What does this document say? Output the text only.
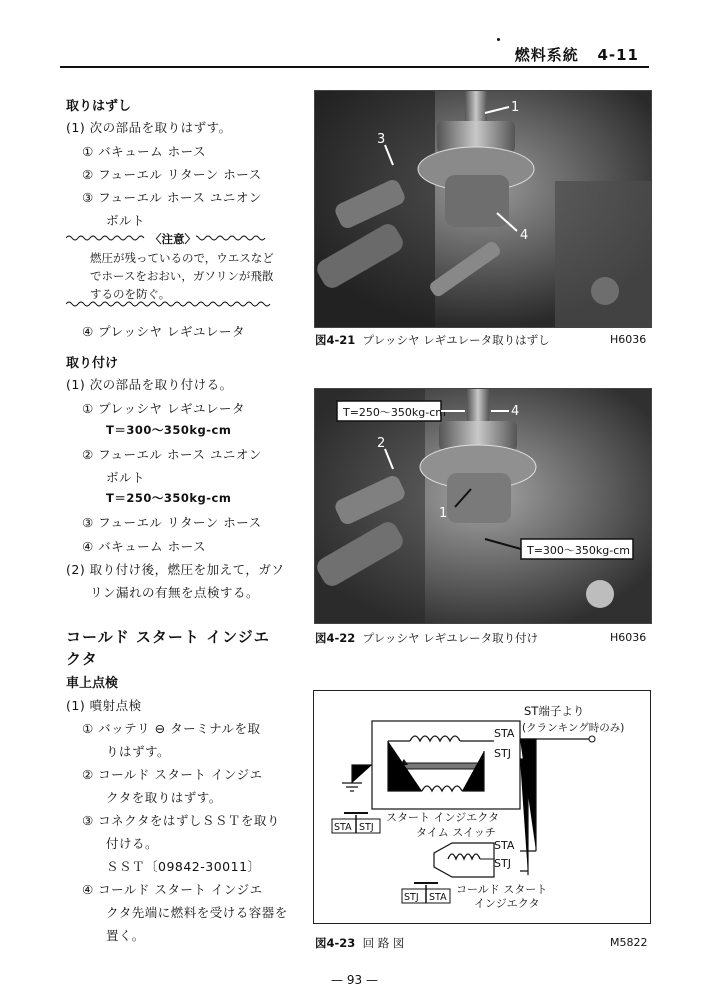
燃料系統 4-11
取りはずし
(1) 次の部品を取りはずす。
① バキューム ホース
② フューエル リターン ホース
③ フューエル ホース ユニオン
ボルト
〈注意〉
燃圧が残っているので，ウエスなど
でホースをおおい，ガソリンが飛散
するのを防ぐ。
④ プレッシヤ レギユレータ
取り付け
(1) 次の部品を取り付ける。
① プレッシヤ レギユレータ
T＝300〜350kg-cm
② フューエル ホース ユニオン
ボルト
T＝250〜350kg-cm
③ フューエル リターン ホース
④ バキューム ホース
(2) 取り付け後，燃圧を加えて，ガソ
リン漏れの有無を点検する。
コールド スタート インジエ
クタ
車上点検
(1) 噴射点検
① バッテリ ⊖ ターミナルを取
りはずす。
② コールド スタート インジエ
クタを取りはずす。
③ コネクタをはずしＳＳＴを取り
付ける。
ＳＳＴ〔09842-30011〕
④ コールド スタート インジエ
クタ先端に燃料を受ける容器を
置く。
1
3
4
図4-21 プレッシヤ レギユレータ取りはずし	H6036
T=250〜350kg-cm
T=300〜350kg-cm
4
2
1
図4-22 プレッシヤ レギユレータ取り付け	H6036
STA
STJ
ST端子より
(クランキング時のみ)
STA STJ
スタート インジエクタ
タイム スイッチ
STA
STJ
STJ STA
コールド スタート
インジエクタ
図4-23 回 路 図	M5822
— 93 —
